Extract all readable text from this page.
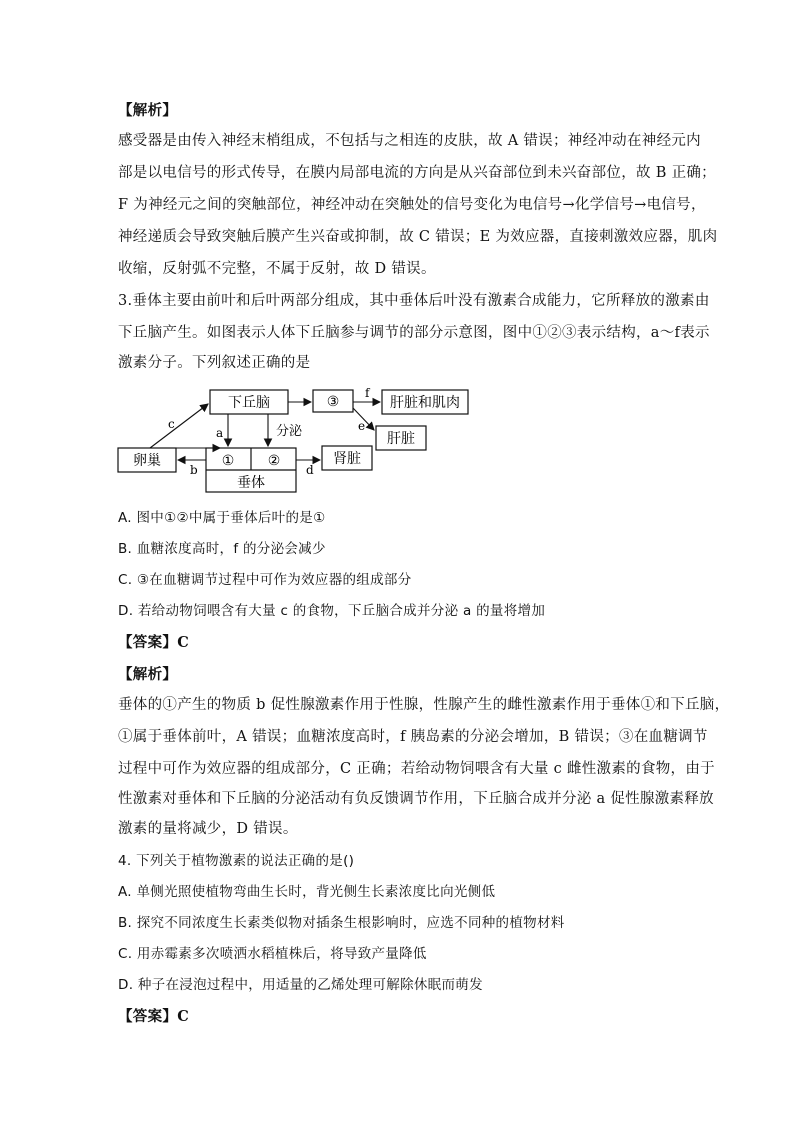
【解析】
感受器是由传入神经末梢组成，不包括与之相连的皮肤，故 A 错误；神经冲动在神经元内
部是以电信号的形式传导，在膜内局部电流的方向是从兴奋部位到未兴奋部位，故 B 正确；
F 为神经元之间的突触部位，神经冲动在突触处的信号变化为电信号→化学信号→电信号，
神经递质会导致突触后膜产生兴奋或抑制，故 C 错误；E 为效应器，直接刺激效应器，肌肉
收缩，反射弧不完整，不属于反射，故 D 错误。
3.垂体主要由前叶和后叶两部分组成，其中垂体后叶没有激素合成能力，它所释放的激素由
下丘脑产生。如图表示人体下丘脑参与调节的部分示意图，图中①②③表示结构，a～f表示
激素分子。下列叙述正确的是
下丘脑	③	肝脏和肌肉
肝脏
卵巢	① ②
垂体
肾脏
分泌
a
b
c
d
e
f
A. 图中①②中属于垂体后叶的是①
B. 血糖浓度高时，f 的分泌会减少
C. ③在血糖调节过程中可作为效应器的组成部分
D. 若给动物饲喂含有大量 c 的食物，下丘脑合成并分泌 a 的量将增加
【答案】C
【解析】
垂体的①产生的物质 b 促性腺激素作用于性腺，性腺产生的雌性激素作用于垂体①和下丘脑，
①属于垂体前叶，A 错误；血糖浓度高时，f 胰岛素的分泌会增加，B 错误；③在血糖调节
过程中可作为效应器的组成部分，C 正确；若给动物饲喂含有大量 c 雌性激素的食物，由于
性激素对垂体和下丘脑的分泌活动有负反馈调节作用，下丘脑合成并分泌 a 促性腺激素释放
激素的量将减少，D 错误。
4. 下列关于植物激素的说法正确的是()
A. 单侧光照使植物弯曲生长时，背光侧生长素浓度比向光侧低
B. 探究不同浓度生长素类似物对插条生根影响时，应选不同种的植物材料
C. 用赤霉素多次喷洒水稻植株后，将导致产量降低
D. 种子在浸泡过程中，用适量的乙烯处理可解除休眠而萌发
【答案】C
